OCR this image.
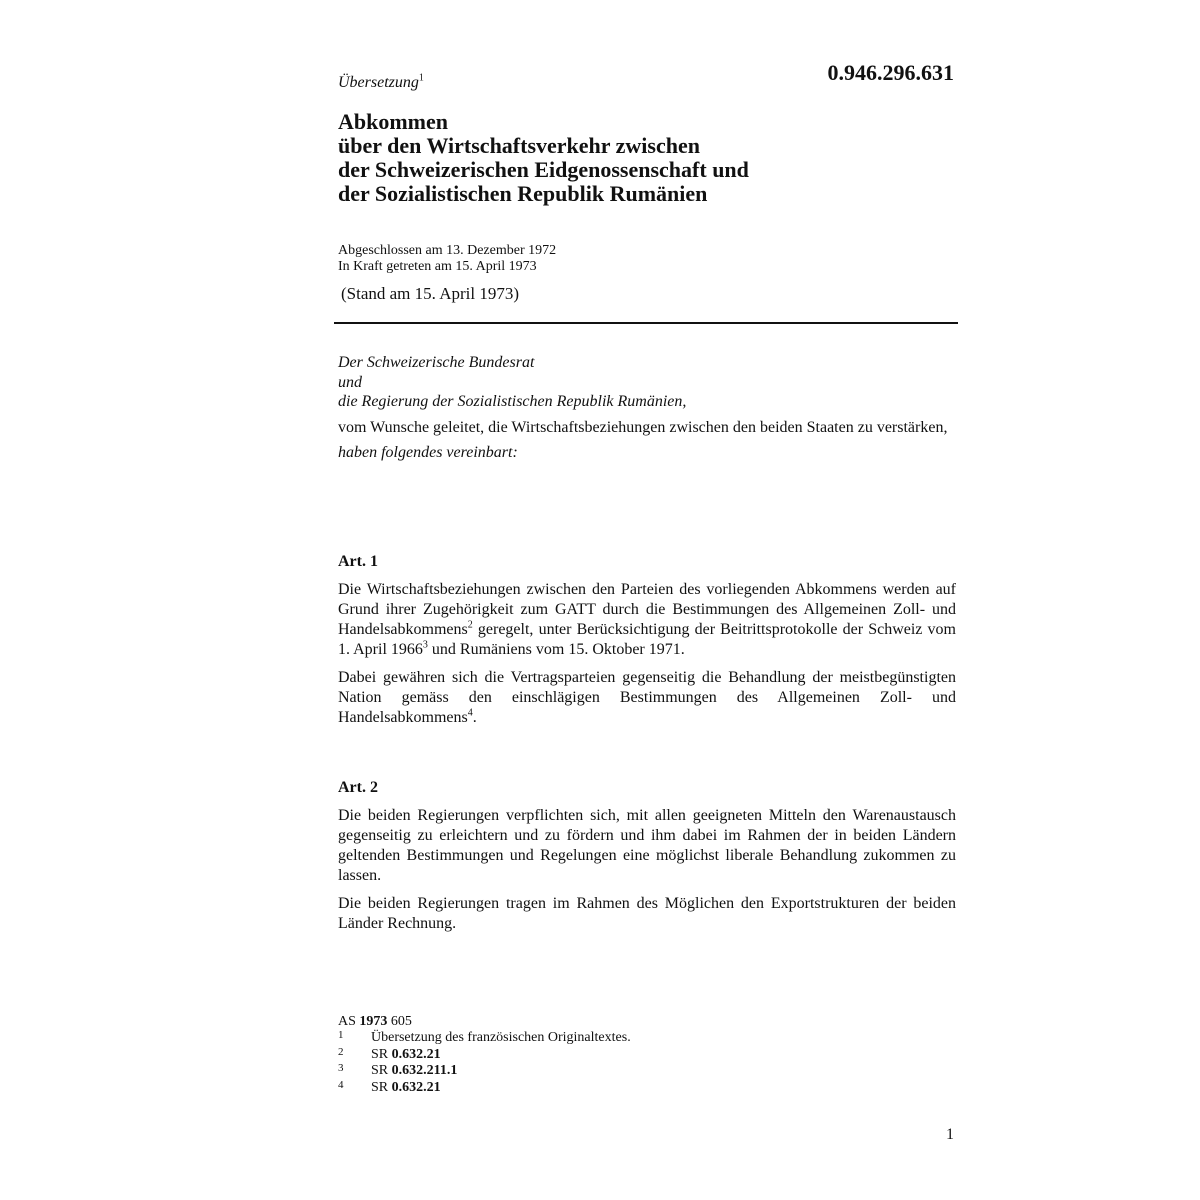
0.946.296.631
Übersetzung$^1$
Abkommen
über den Wirtschaftsverkehr zwischen
der Schweizerischen Eidgenossenschaft und
der Sozialistischen Republik Rumänien
Abgeschlossen am 13. Dezember 1972
In Kraft getreten am 15. April 1973
(Stand am 15. April 1973)
Der Schweizerische Bundesrat
und
die Regierung der Sozialistischen Republik Rumänien,

vom Wunsche geleitet, die Wirtschaftsbeziehungen zwischen den beiden Staaten zu verstärken,

haben folgendes vereinbart:
Art. 1

Die Wirtschaftsbeziehungen zwischen den Parteien des vorliegenden Abkommens werden auf Grund ihrer Zugehörigkeit zum GATT durch die Bestimmungen des Allgemeinen Zoll- und Handelsabkommens$^2$ geregelt, unter Berücksichtigung der Beitrittsprotokolle der Schweiz vom 1. April 1966$^3$ und Rumäniens vom 15. Oktober 1971.

Dabei gewähren sich die Vertragsparteien gegenseitig die Behandlung der meistbegünstigten Nation gemäss den einschlägigen Bestimmungen des Allgemeinen Zoll- und Handelsabkommens$^4$.

Art. 2

Die beiden Regierungen verpflichten sich, mit allen geeigneten Mitteln den Warenaustausch gegenseitig zu erleichtern und zu fördern und ihm dabei im Rahmen der in beiden Ländern geltenden Bestimmungen und Regelungen eine möglichst liberale Behandlung zukommen zu lassen.

Die beiden Regierungen tragen im Rahmen des Möglichen den Exportstrukturen der beiden Länder Rechnung.

AS 1973 605
1 Übersetzung des französischen Originaltextes.
2 SR 0.632.21
3 SR 0.632.211.1
4 SR 0.632.21
1
